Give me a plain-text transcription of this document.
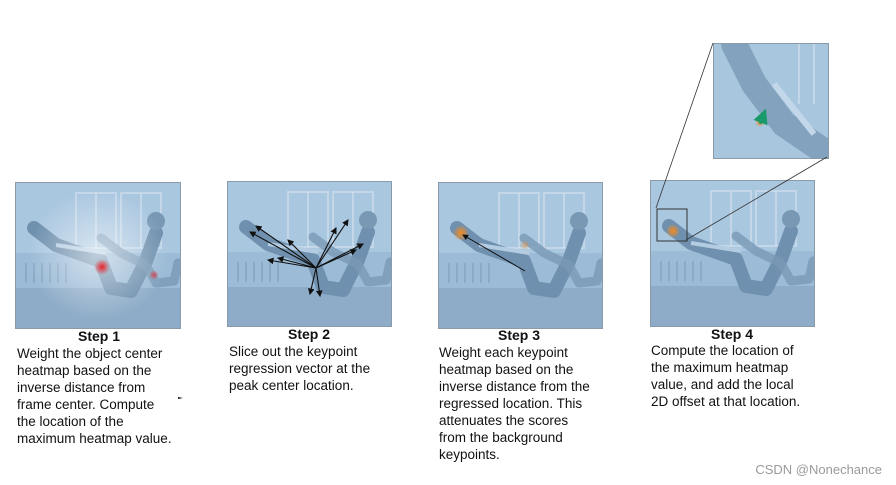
Step 1	Step 2	Step 3	Step 4
Weight the object center
heatmap based on the
inverse distance from
frame center. Compute
the location of the
maximum heatmap value.
Slice out the keypoint
regression vector at the
peak center location.
Weight each keypoint
heatmap based on the
inverse distance from the
regressed location. This
attenuates the scores
from the background
keypoints.
Compute the location of
the maximum heatmap
value, and add the local
2D offset at that location.
CSDN @Nonechance
